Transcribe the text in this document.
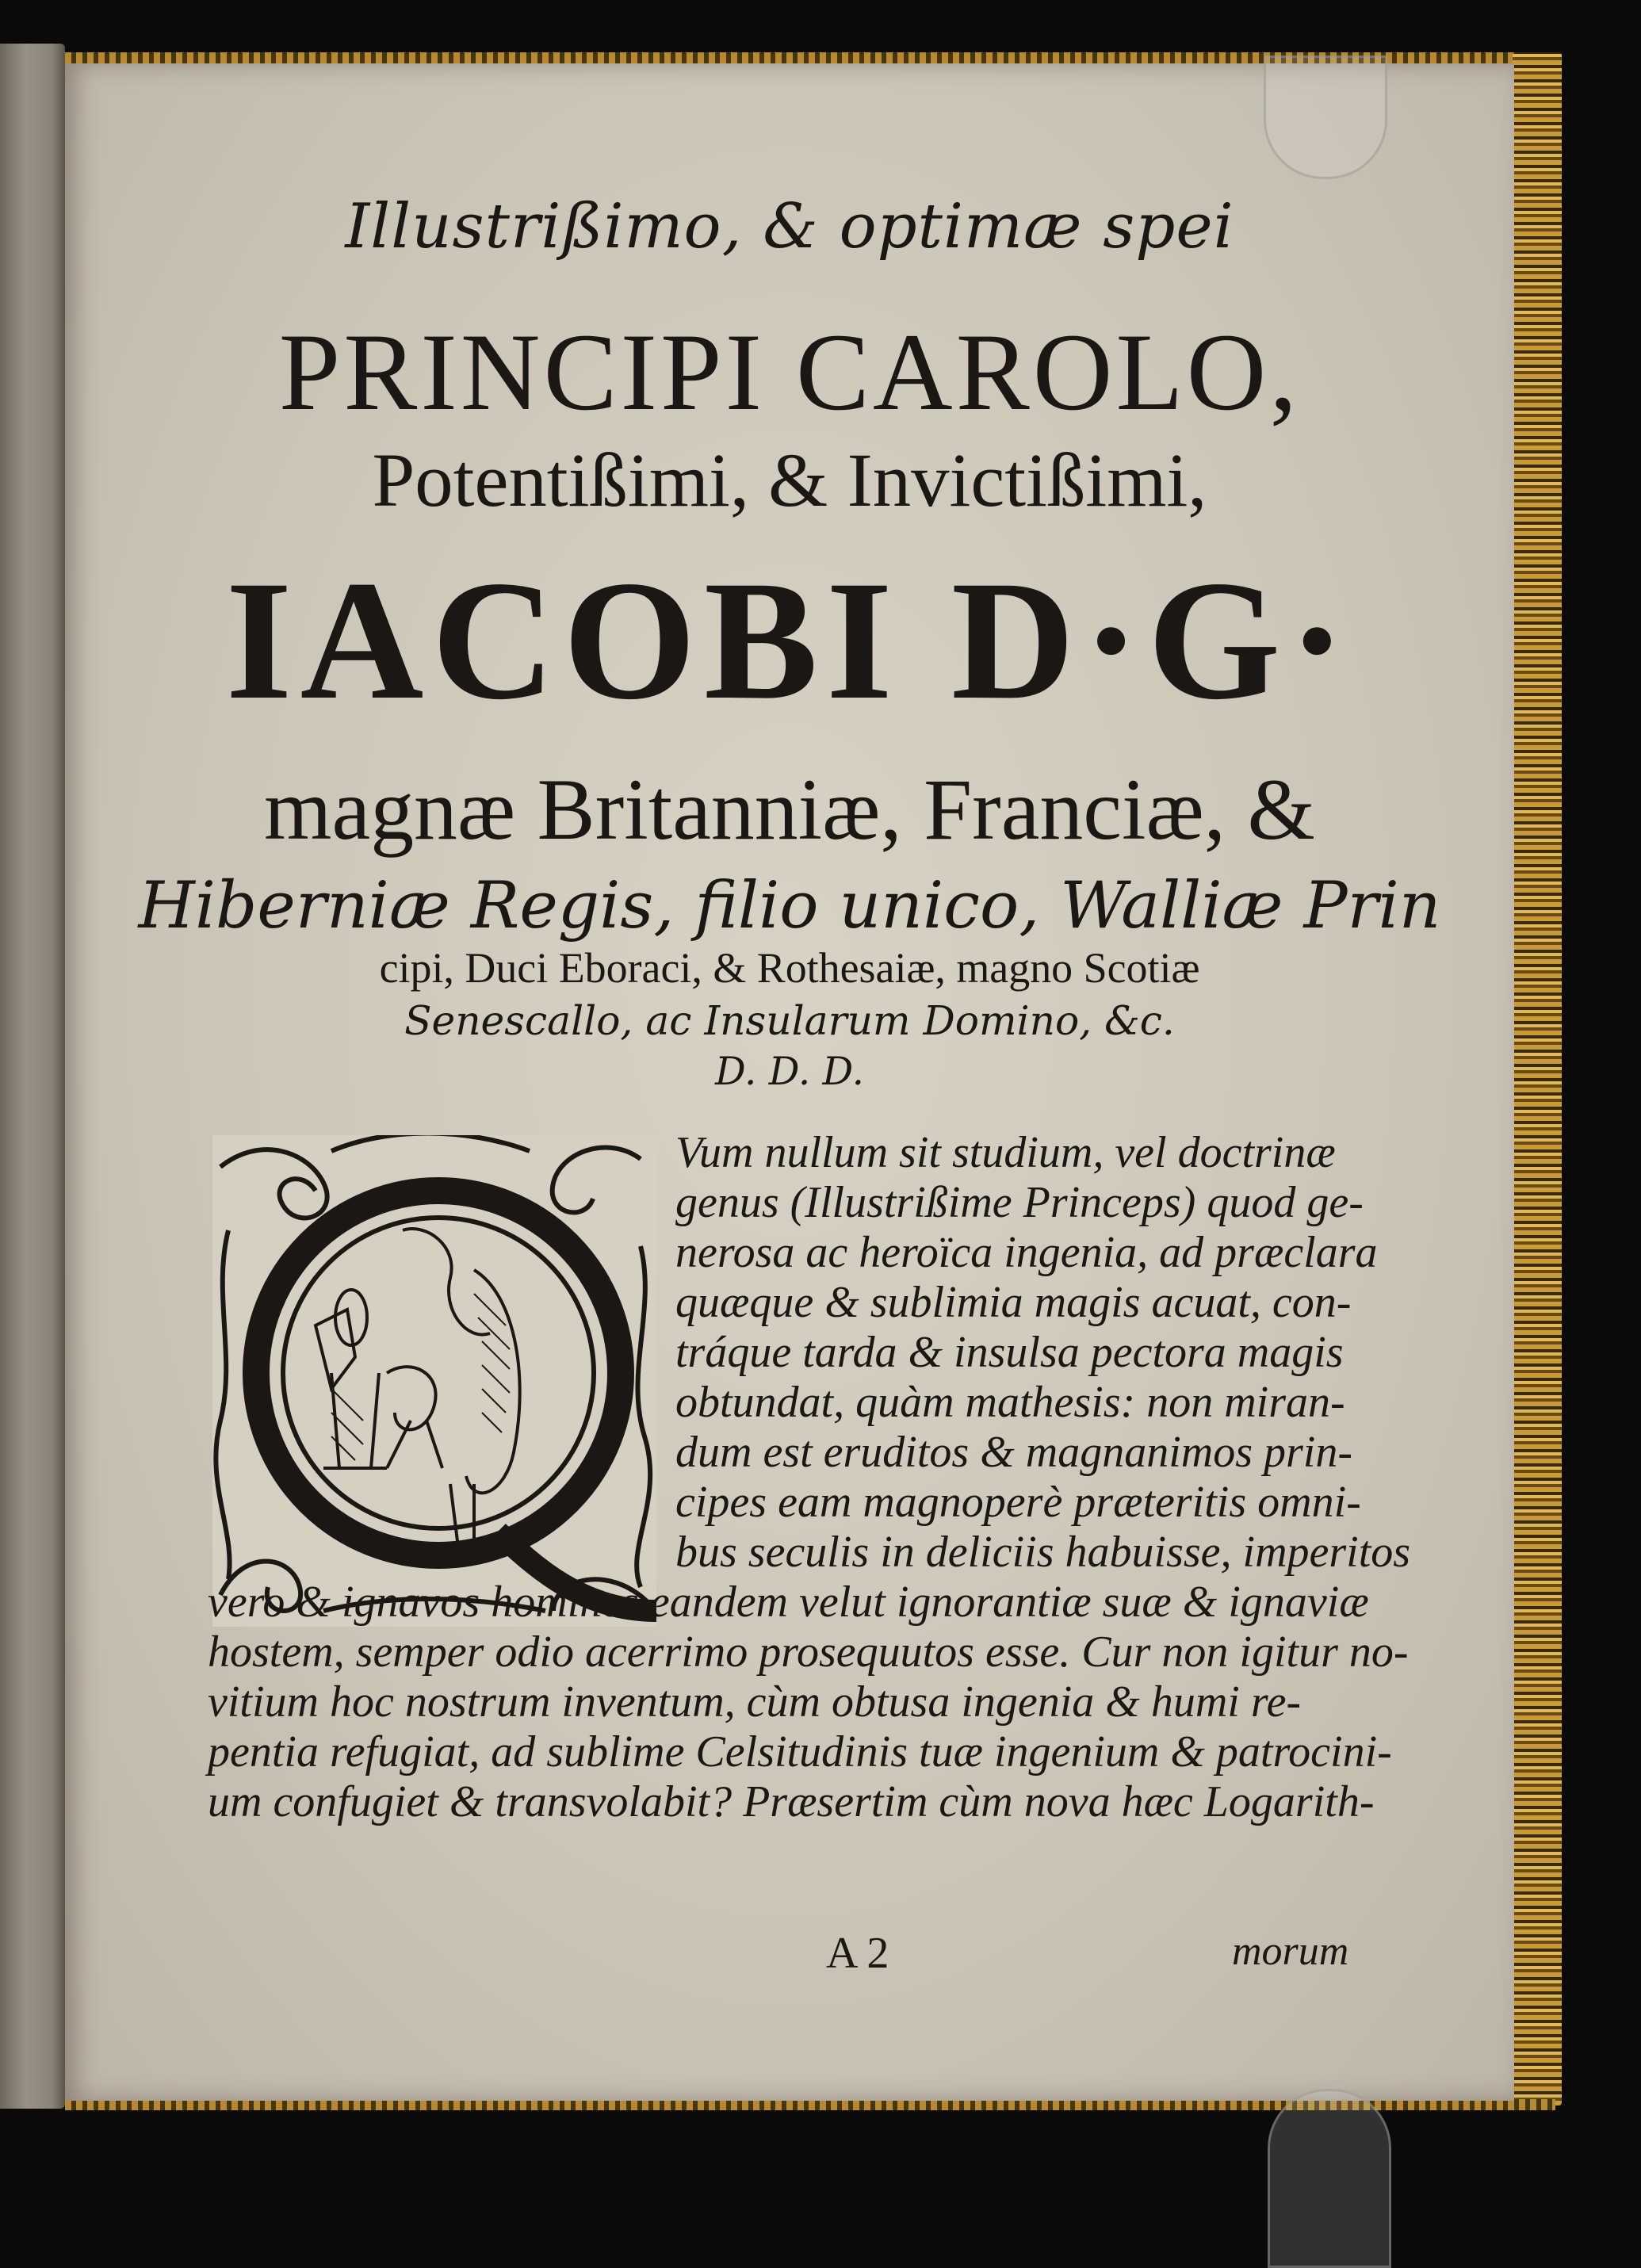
Illustrißimo, & optimæ spei
PRINCIPI CAROLO,
Potentißimi, & Invictißimi,
IACOBI D·G·
magnæ Britanniæ, Franciæ, &
Hiberniæ Regis, filio unico, Walliæ Prin
cipi, Duci Eboraci, & Rothesaiæ, magno Scotiæ
Senescallo, ac Insularum Domino, &c.
D. D. D.
Vum nullum sit studium, vel doctrinæ
genus (Illustrißime Princeps) quod ge-
nerosa ac heroïca ingenia, ad præclara
quæque & sublimia magis acuat, con-
tráque tarda & insulsa pectora magis
obtundat, quàm mathesis: non miran-
dum est eruditos & magnanimos prin-
cipes eam magnoperè præteritis omni-
bus seculis in deliciis habuisse, imperitos
vero & ignavos homines eandem velut ignorantiæ suæ & ignaviæ
hostem, semper odio acerrimo prosequutos esse. Cur non igitur no-
vitium hoc nostrum inventum, cùm obtusa ingenia & humi re-
pentia refugiat, ad sublime Celsitudinis tuæ ingenium & patrocini-
um confugiet & transvolabit? Præsertim cùm nova hæc Logarith-
A 2	morum
